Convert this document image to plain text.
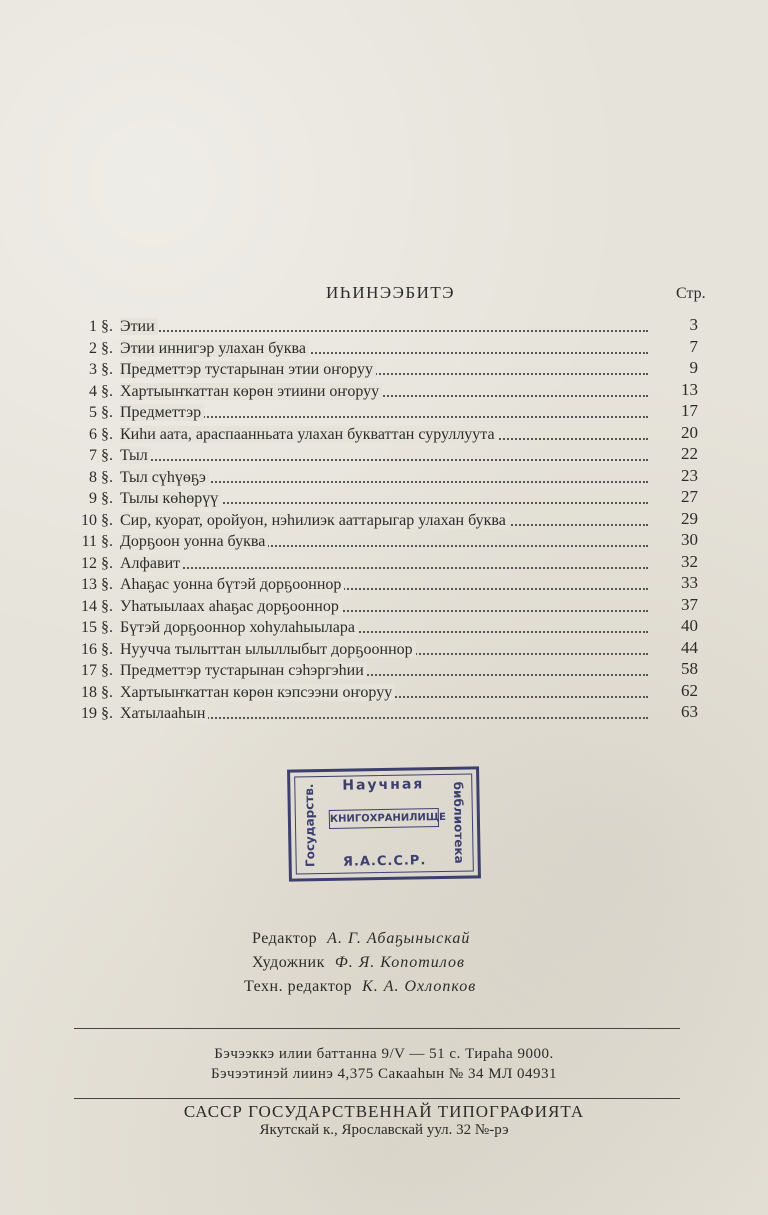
ИҺИНЭЭБИТЭ	Стр.
1 §. Этии	3
2 §. Этии иннигэр улахан буква	7
3 §. Предметтэр тустарынан этии оҥоруу	9
4 §. Хартыыҥкаттан көрөн этиини оҥоруу	13
5 §. Предметтэр	17
6 §. Киһи аата, араспаанньата улахан букваттан суруллуута	20
7 §. Тыл	22
8 §. Тыл сүһүөҕэ	23
9 §. Тылы көһөрүү	27
10 §. Сир, куорат, оройуон, нэһилиэк ааттарыгар улахан буква	29
11 §. Дорҕоон уонна буква	30
12 §. Алфавит	32
13 §. Аһаҕас уонна бүтэй дорҕооннор	33
14 §. Уһатыылаах аһаҕас дорҕооннор	37
15 §. Бүтэй дорҕооннор хоһулаһыылара	40
16 §. Нуучча тылыттан ылыллыбыт дорҕооннор	44
17 §. Предметтэр тустарынан сэһэргэһии	58
18 §. Хартыыҥкаттан көрөн кэпсээни оҥоруу	62
19 §. Хатылааһын	63
Государств.	Научная
КНИГОХРАНИЛИЩЕ библиотека
Я.А.С.С.Р.
Редактор А. Г. Абаҕыныскай
Художник Ф. Я. Копотилов
Техн. редактор К. А. Охлопков
Бэчээккэ илии баттанна 9/V — 51 с. Тираһа 9000.
Бэчээтинэй лиинэ 4,375 Сакааһын № 34 МЛ 04931
САССР ГОСУДАРСТВЕННАЙ ТИПОГРАФИЯТА
Якутскай к., Ярославскай уул. 32 №-рэ
